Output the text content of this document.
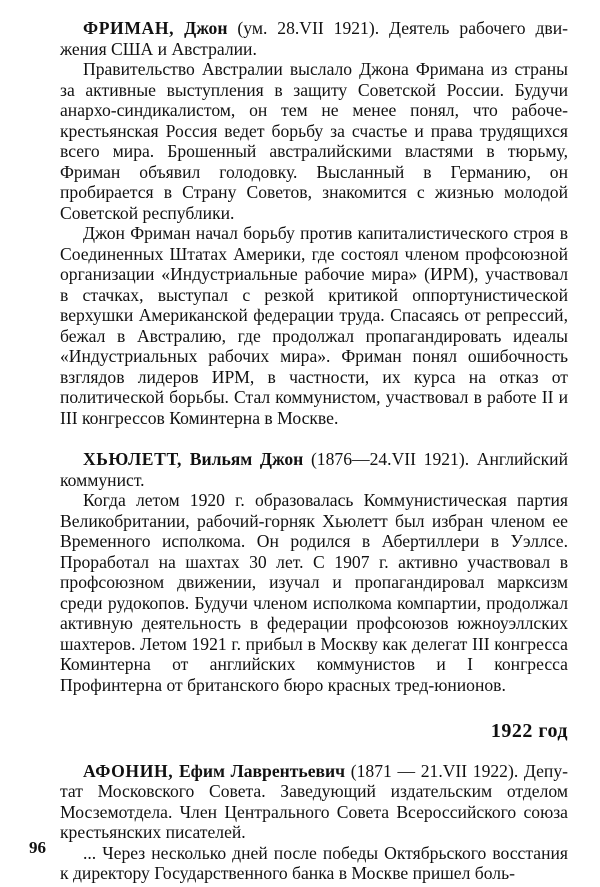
ФРИМАН, Джон (ум. 28.VII 1921). Деятель рабочего движения США и Австралии.

Правительство Австралии выслало Джона Фримана из страны за активные выступления в защиту Советской России. Будучи анархо-синдикалистом, он тем не менее понял, что рабоче-крестьянская Россия ведет борьбу за счастье и права трудящихся всего мира. Брошенный австралийскими властями в тюрьму, Фриман объявил голодовку. Высланный в Германию, он пробирается в Страну Советов, знакомится с жизнью молодой Советской республики.

Джон Фриман начал борьбу против капиталистического строя в Соединенных Штатах Америки, где состоял членом профсоюзной организации «Индустриальные рабочие мира» (ИРМ), участвовал в стачках, выступал с резкой критикой оппортунистической верхушки Американской федерации труда. Спасаясь от репрессий, бежал в Австралию, где продолжал пропагандировать идеалы «Индустриальных рабочих мира». Фриман понял ошибочность взглядов лидеров ИРМ, в частности, их курса на отказ от политической борьбы. Стал коммунистом, участвовал в работе II и III конгрессов Коминтерна в Москве.

ХЬЮЛЕТТ, Вильям Джон (1876—24.VII 1921). Английский коммунист.

Когда летом 1920 г. образовалась Коммунистическая партия Великобритании, рабочий-горняк Хьюлетт был избран членом ее Временного исполкома. Он родился в Абертиллери в Уэллсе. Проработал на шахтах 30 лет. С 1907 г. активно участвовал в профсоюзном движении, изучал и пропагандировал марксизм среди рудокопов. Будучи членом исполкома компартии, продолжал активную деятельность в федерации профсоюзов южноуэллских шахтеров. Летом 1921 г. прибыл в Москву как делегат III конгресса Коминтерна от английских коммунистов и I конгресса Профинтерна от британского бюро красных тред-юнионов.

1922 год

АФОНИН, Ефим Лаврентьевич (1871 — 21.VII 1922). Депутат Московского Совета. Заведующий издательским отделом Мосземотдела. Член Центрального Совета Всероссийского союза крестьянских писателей.

... Через несколько дней после победы Октябрьского восстания к директору Государственного банка в Москве пришел боль-

96
